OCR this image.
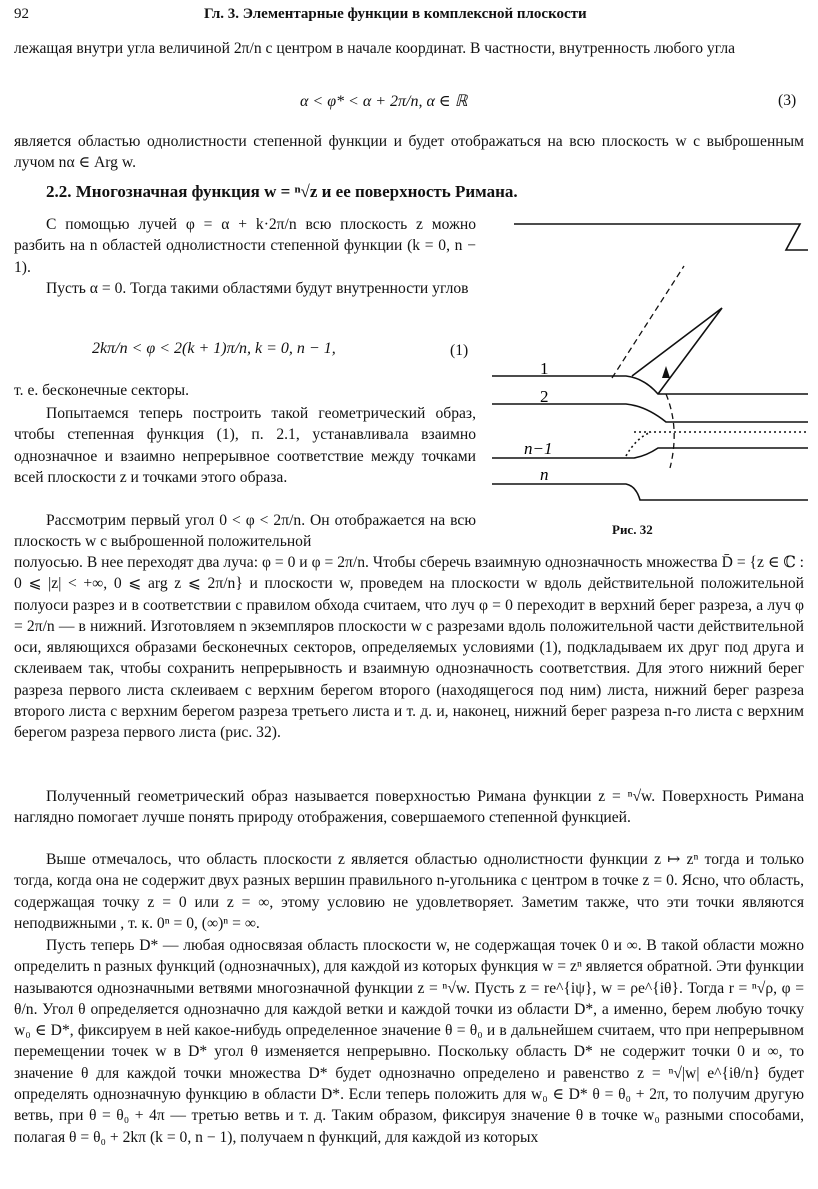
92	Гл. 3. Элементарные функции в комплексной плоскости

лежащая внутри угла величиной 2π/n с центром в начале координат. В частности, внутренность любого угла

α < φ* < α + 2π/n, α ∈ ℝ	(3)

является областью однолистности степенной функции и будет отображаться на всю плоскость w с выброшенным лучом nα ∈ Arg w.

2.2. Многозначная функция w = ⁿ√z и ее поверхность Римана.

С помощью лучей φ = α + k·2π/n всю плоскость z можно разбить на n областей однолистности степенной функции (k = 0, n − 1).

Пусть α = 0. Тогда такими областями будут внутренности углов

2kπ/n < φ < 2(k + 1)π/n, k = 0, n − 1,	(1)

т. е. бесконечные секторы.

Попытаемся теперь построить такой геометрический образ, чтобы степенная функция (1), п. 2.1, устанавливала взаимно однозначное и взаимно непрерывное соответствие между точками всей плоскости z и точками этого образа.

Рассмотрим первый угол 0 < φ < 2π/n. Он отображается на всю плоскость w с выброшенной положительной

полуосью. В нее переходят два луча: φ = 0 и φ = 2π/n. Чтобы сберечь взаимную однозначность множества D̄ = {z ∈ ℂ : 0 ⩽ |z| < +∞, 0 ⩽ arg z ⩽ 2π/n} и плоскости w, проведем на плоскости w вдоль действительной положительной полуоси разрез и в соответствии с правилом обхода считаем, что луч φ = 0 переходит в верхний берег разреза, а луч φ = 2π/n — в нижний. Изготовляем n экземпляров плоскости w с разрезами вдоль положительной части действительной оси, являющихся образами бесконечных секторов, определяемых условиями (1), подкладываем их друг под друга и склеиваем так, чтобы сохранить непрерывность и взаимную однозначность соответствия. Для этого нижний берег разреза первого листа склеиваем с верхним берегом второго (находящегося под ним) листа, нижний берег разреза второго листа с верхним берегом разреза третьего листа и т. д. и, наконец, нижний берег разреза n-го листа с верхним берегом разреза первого листа (рис. 32).

Полученный геометрический образ называется поверхностью Римана функции z = ⁿ√w. Поверхность Римана наглядно помогает лучше понять природу отображения, совершаемого степенной функцией.

Выше отмечалось, что область плоскости z является областью однолистности функции z ↦ zⁿ тогда и только тогда, когда она не содержит двух разных вершин правильного n-угольника с центром в точке z = 0. Ясно, что область, содержащая точку z = 0 или z = ∞, этому условию не удовлетворяет. Заметим также, что эти точки являются неподвижными , т. к. 0ⁿ = 0, (∞)ⁿ = ∞.

Пусть теперь D* — любая односвязая область плоскости w, не содержащая точек 0 и ∞. В такой области можно определить n разных функций (однозначных), для каждой из которых функция w = zⁿ является обратной. Эти функции называются однозначными ветвями многозначной функции z = ⁿ√w. Пусть z = re^{iψ}, w = ρe^{iθ}. Тогда r = ⁿ√ρ, φ = θ/n. Угол θ определяется однозначно для каждой ветки и каждой точки из области D*, а именно, берем любую точку w₀ ∈ D*, фиксируем в ней какое-нибудь определенное значение θ = θ₀ и в дальнейшем считаем, что при непрерывном перемещении точек w в D* угол θ изменяется непрерывно. Поскольку область D* не содержит точки 0 и ∞, то значение θ для каждой точки множества D* будет однозначно определено и равенство z = ⁿ√|w| e^{iθ/n} будет определять однозначную функцию в области D*. Если теперь положить для w₀ ∈ D* θ = θ₀ + 2π, то получим другую ветвь, при θ = θ₀ + 4π — третью ветвь и т. д. Таким образом, фиксируя значение θ в точке w₀ разными способами, полагая θ = θ₀ + 2kπ (k = 0, n − 1), получаем n функций, для каждой из которых

1
2
n−1
n
Рис. 32
